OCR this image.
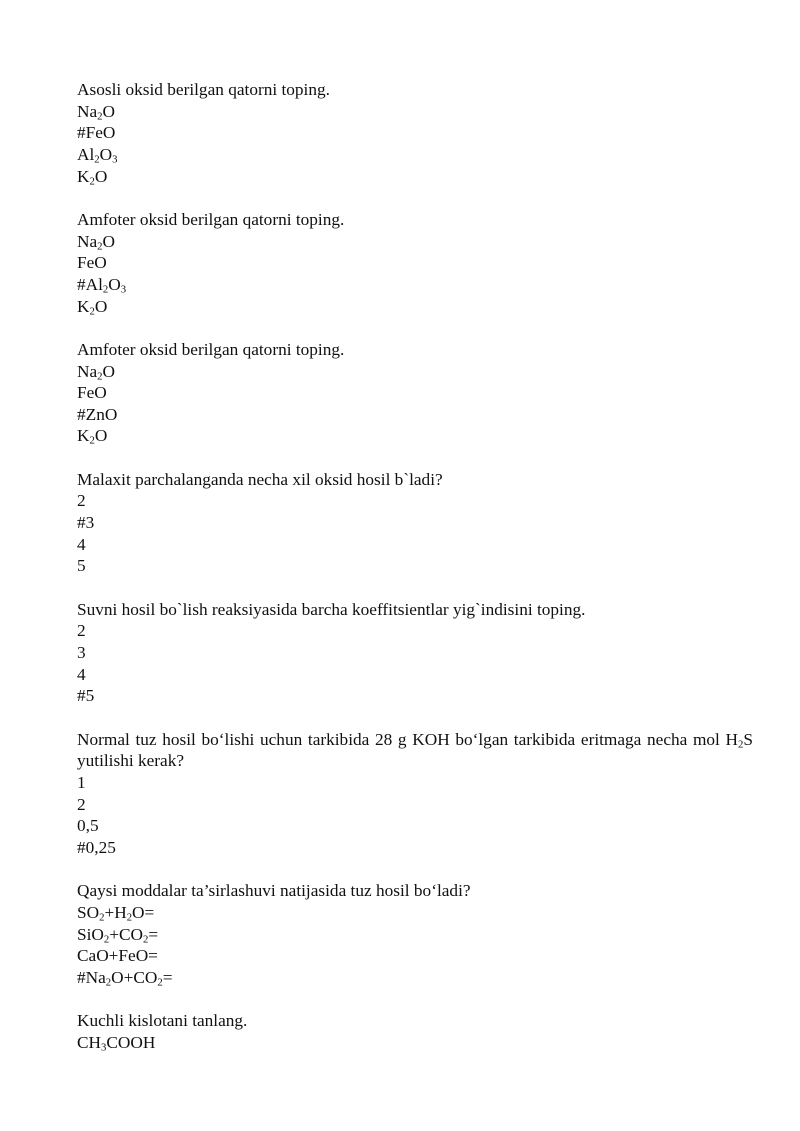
Asosli oksid berilgan qatorni toping.
$Na_2O$
#FeO
$Al_2O_3$
$K_2O$
Amfoter oksid berilgan qatorni toping.
$Na_2O$
FeO
$\#Al_2O_3$
$K_2O$
Amfoter oksid berilgan qatorni toping.
$Na_2O$
FeO
#ZnO
$K_2O$
Malaxit parchalanganda necha xil oksid hosil b`ladi?
2
#3
4
5
Suvni hosil bo`lish reaksiyasida barcha koeffitsientlar yig`indisini toping.
2
3
4
#5
Normal tuz hosil bo‘lishi uchun tarkibida 28 g KOH bo‘lgan tarkibida eritmaga necha mol $H_2S$ yutilishi kerak?
1
2
0,5
#0,25
Qaysi moddalar ta’sirlashuvi natijasida tuz hosil bo‘ladi?
$SO_2+H_2O=$
$SiO_2+CO_2=$
CaO+FeO=
$\#Na_2O+CO_2=$
Kuchli kislotani tanlang.
$CH_3COOH$
